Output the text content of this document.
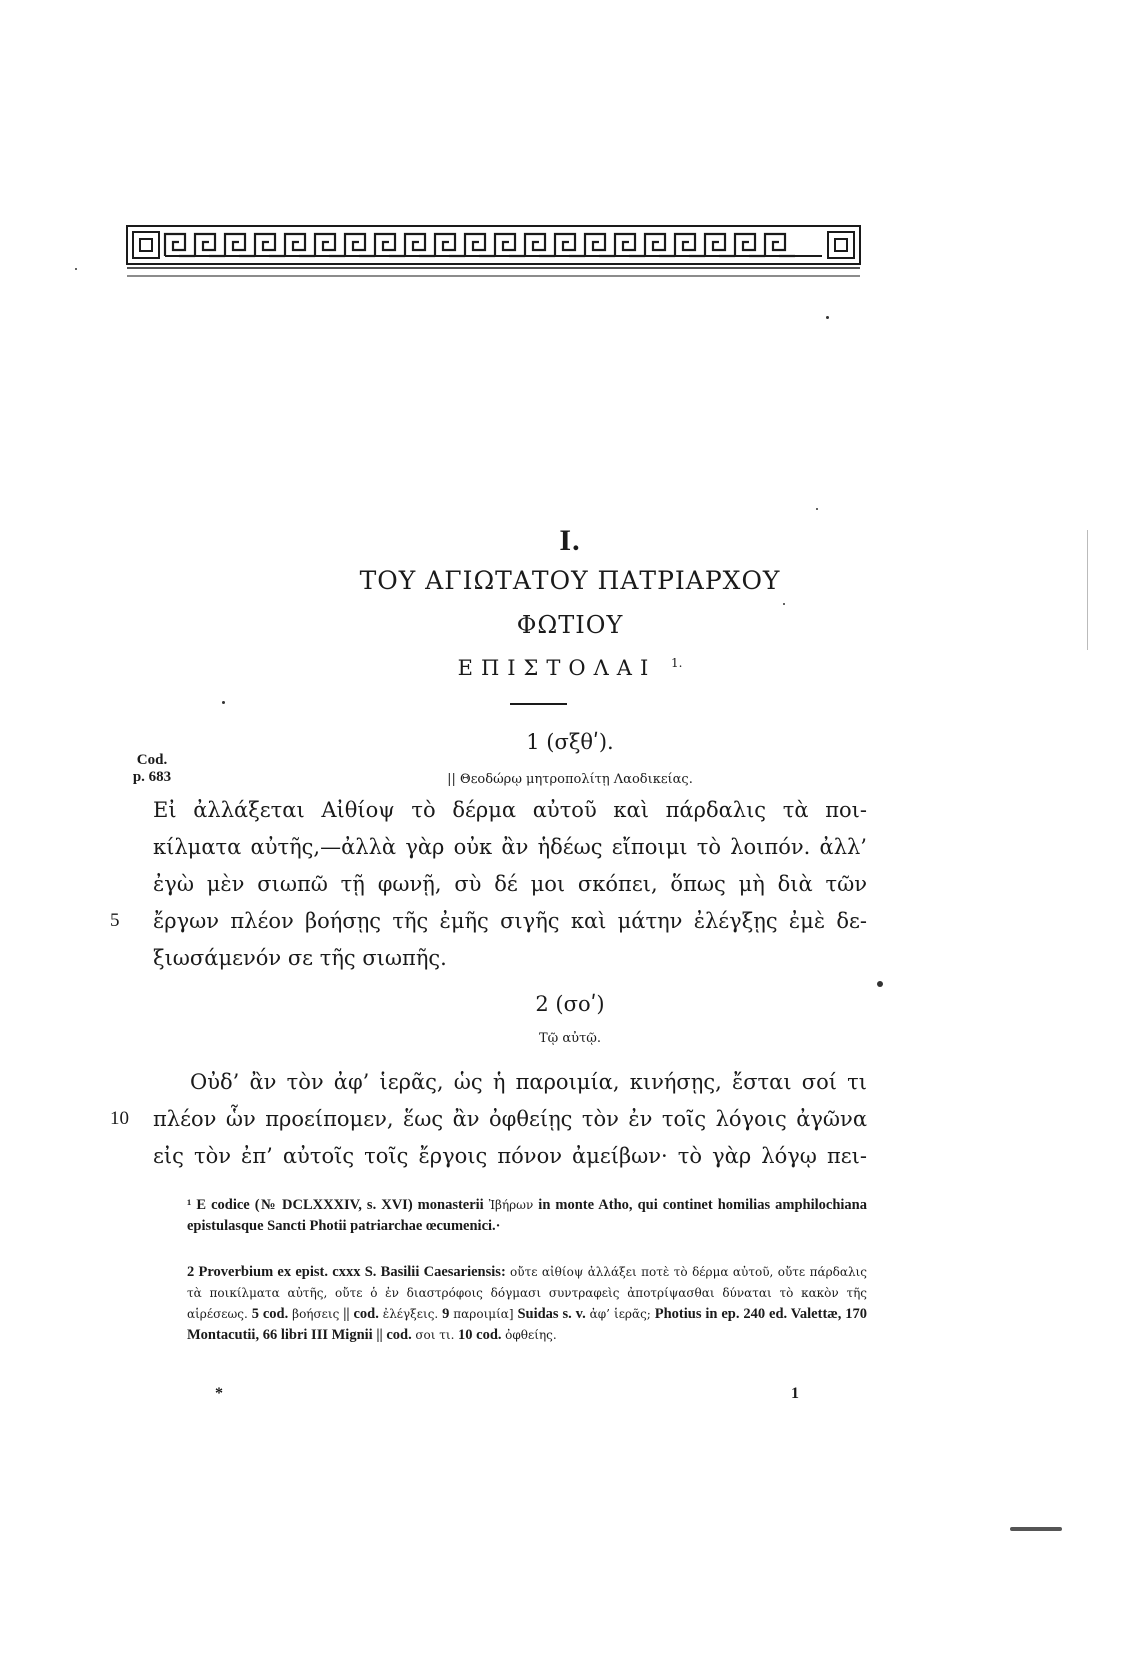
I.
ΤΟΥ ΑΓΙΩΤΑΤΟΥ ΠΑΤΡΙΑΡΧΟΥ
ΦΩΤΙΟΥ
ΕΠΙΣΤΟΛΑΙ $^{1.}$
1 (σξθʹ).
|| Θεοδώρῳ μητροπολίτῃ Λαοδικείας.
Cod.
p. 683
Εἰ ἀλλάξεται Αἰθίοψ τὸ δέρμα αὐτοῦ καὶ πάρδαλις τὰ ποι-
κίλματα αὐτῆς,—ἀλλὰ γὰρ οὐκ ἂν ἡδέως εἴποιμι τὸ λοιπόν. ἀλλ’
ἐγὼ μὲν σιωπῶ τῇ φωνῇ, σὺ δέ μοι σκόπει, ὅπως μὴ διὰ τῶν
5 ἔργων πλέον βοήσῃς τῆς ἐμῆς σιγῆς καὶ μάτην ἐλέγξῃς ἐμὲ δε-
ξιωσάμενόν σε τῆς σιωπῆς.
2 (σοʹ)
Τῷ αὐτῷ.
Οὐδ’ ἂν τὸν ἀφ’ ἱερᾶς, ὡς ἡ παροιμία, κινήσῃς, ἔσται σοί τι
10 πλέον ὧν προείπομεν, ἕως ἂν ὀφθείῃς τὸν ἐν τοῖς λόγοις ἀγῶνα
εἰς τὸν ἐπ’ αὐτοῖς τοῖς ἔργοις πόνον ἀμείβων· τὸ γὰρ λόγῳ πει-
¹ E codice (№ DCLXXXIV, s. XVI) monasterii Ἰβήρων in monte Atho, qui continet homilias amphilochiana epistulasque Sancti Photii patriarchae œcumenici.·
2 Proverbium ex epist. cxxx S. Basilii Caesariensis: οὔτε αἰθίοψ ἀλλάξει ποτὲ τὸ δέρμα αὐτοῦ, οὔτε πάρδαλις τὰ ποικίλματα αὐτῆς, οὔτε ὁ ἐν διαστρόφοις δόγμασι συντραφεὶς ἀποτρίψασθαι δύναται τὸ κακὸν τῆς αἱρέσεως. 5 cod. βοήσεις || cod. ἐλέγξεις. 9 παροιμία] Suidas s. v. ἀφ’ ἱερᾶς; Photius in ep. 240 ed. Valettæ, 170 Montacutii, 66 libri III Mignii || cod. σοι τι. 10 cod. ὀφθείης.
*	1
